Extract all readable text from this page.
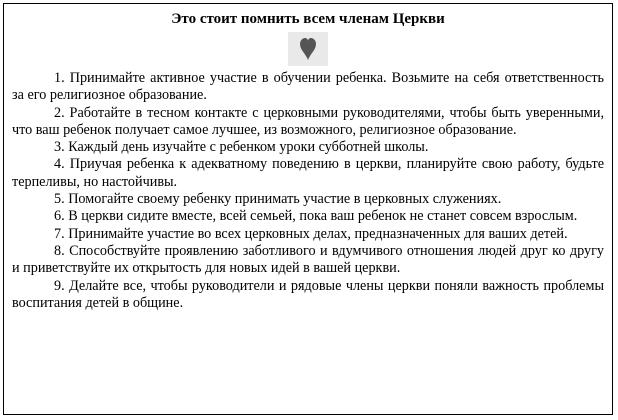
Это стоит помнить всем членам Церкви

1. Принимайте активное участие в обучении ребенка. Возьмите на себя ответственность за его религиозное образование.
2. Работайте в тесном контакте с церковными руководителями, чтобы быть уверенными, что ваш ребенок получает самое лучшее, из возможного, религиозное образование.
3. Каждый день изучайте с ребенком уроки субботней школы.
4. Приучая ребенка к адекватному поведению в церкви, планируйте свою работу, будьте терпеливы, но настойчивы.
5. Помогайте своему ребенку принимать участие в церковных служениях.
6. В церкви сидите вместе, всей семьей, пока ваш ребенок не станет совсем взрослым.
7. Принимайте участие во всех церковных делах, предназначенных для ваших детей.
8. Способствуйте проявлению заботливого и вдумчивого отношения людей друг ко другу и приветствуйте их открытость для новых идей в вашей церкви.
9. Делайте все, чтобы руководители и рядовые члены церкви поняли важность проблемы воспитания детей в общине.
